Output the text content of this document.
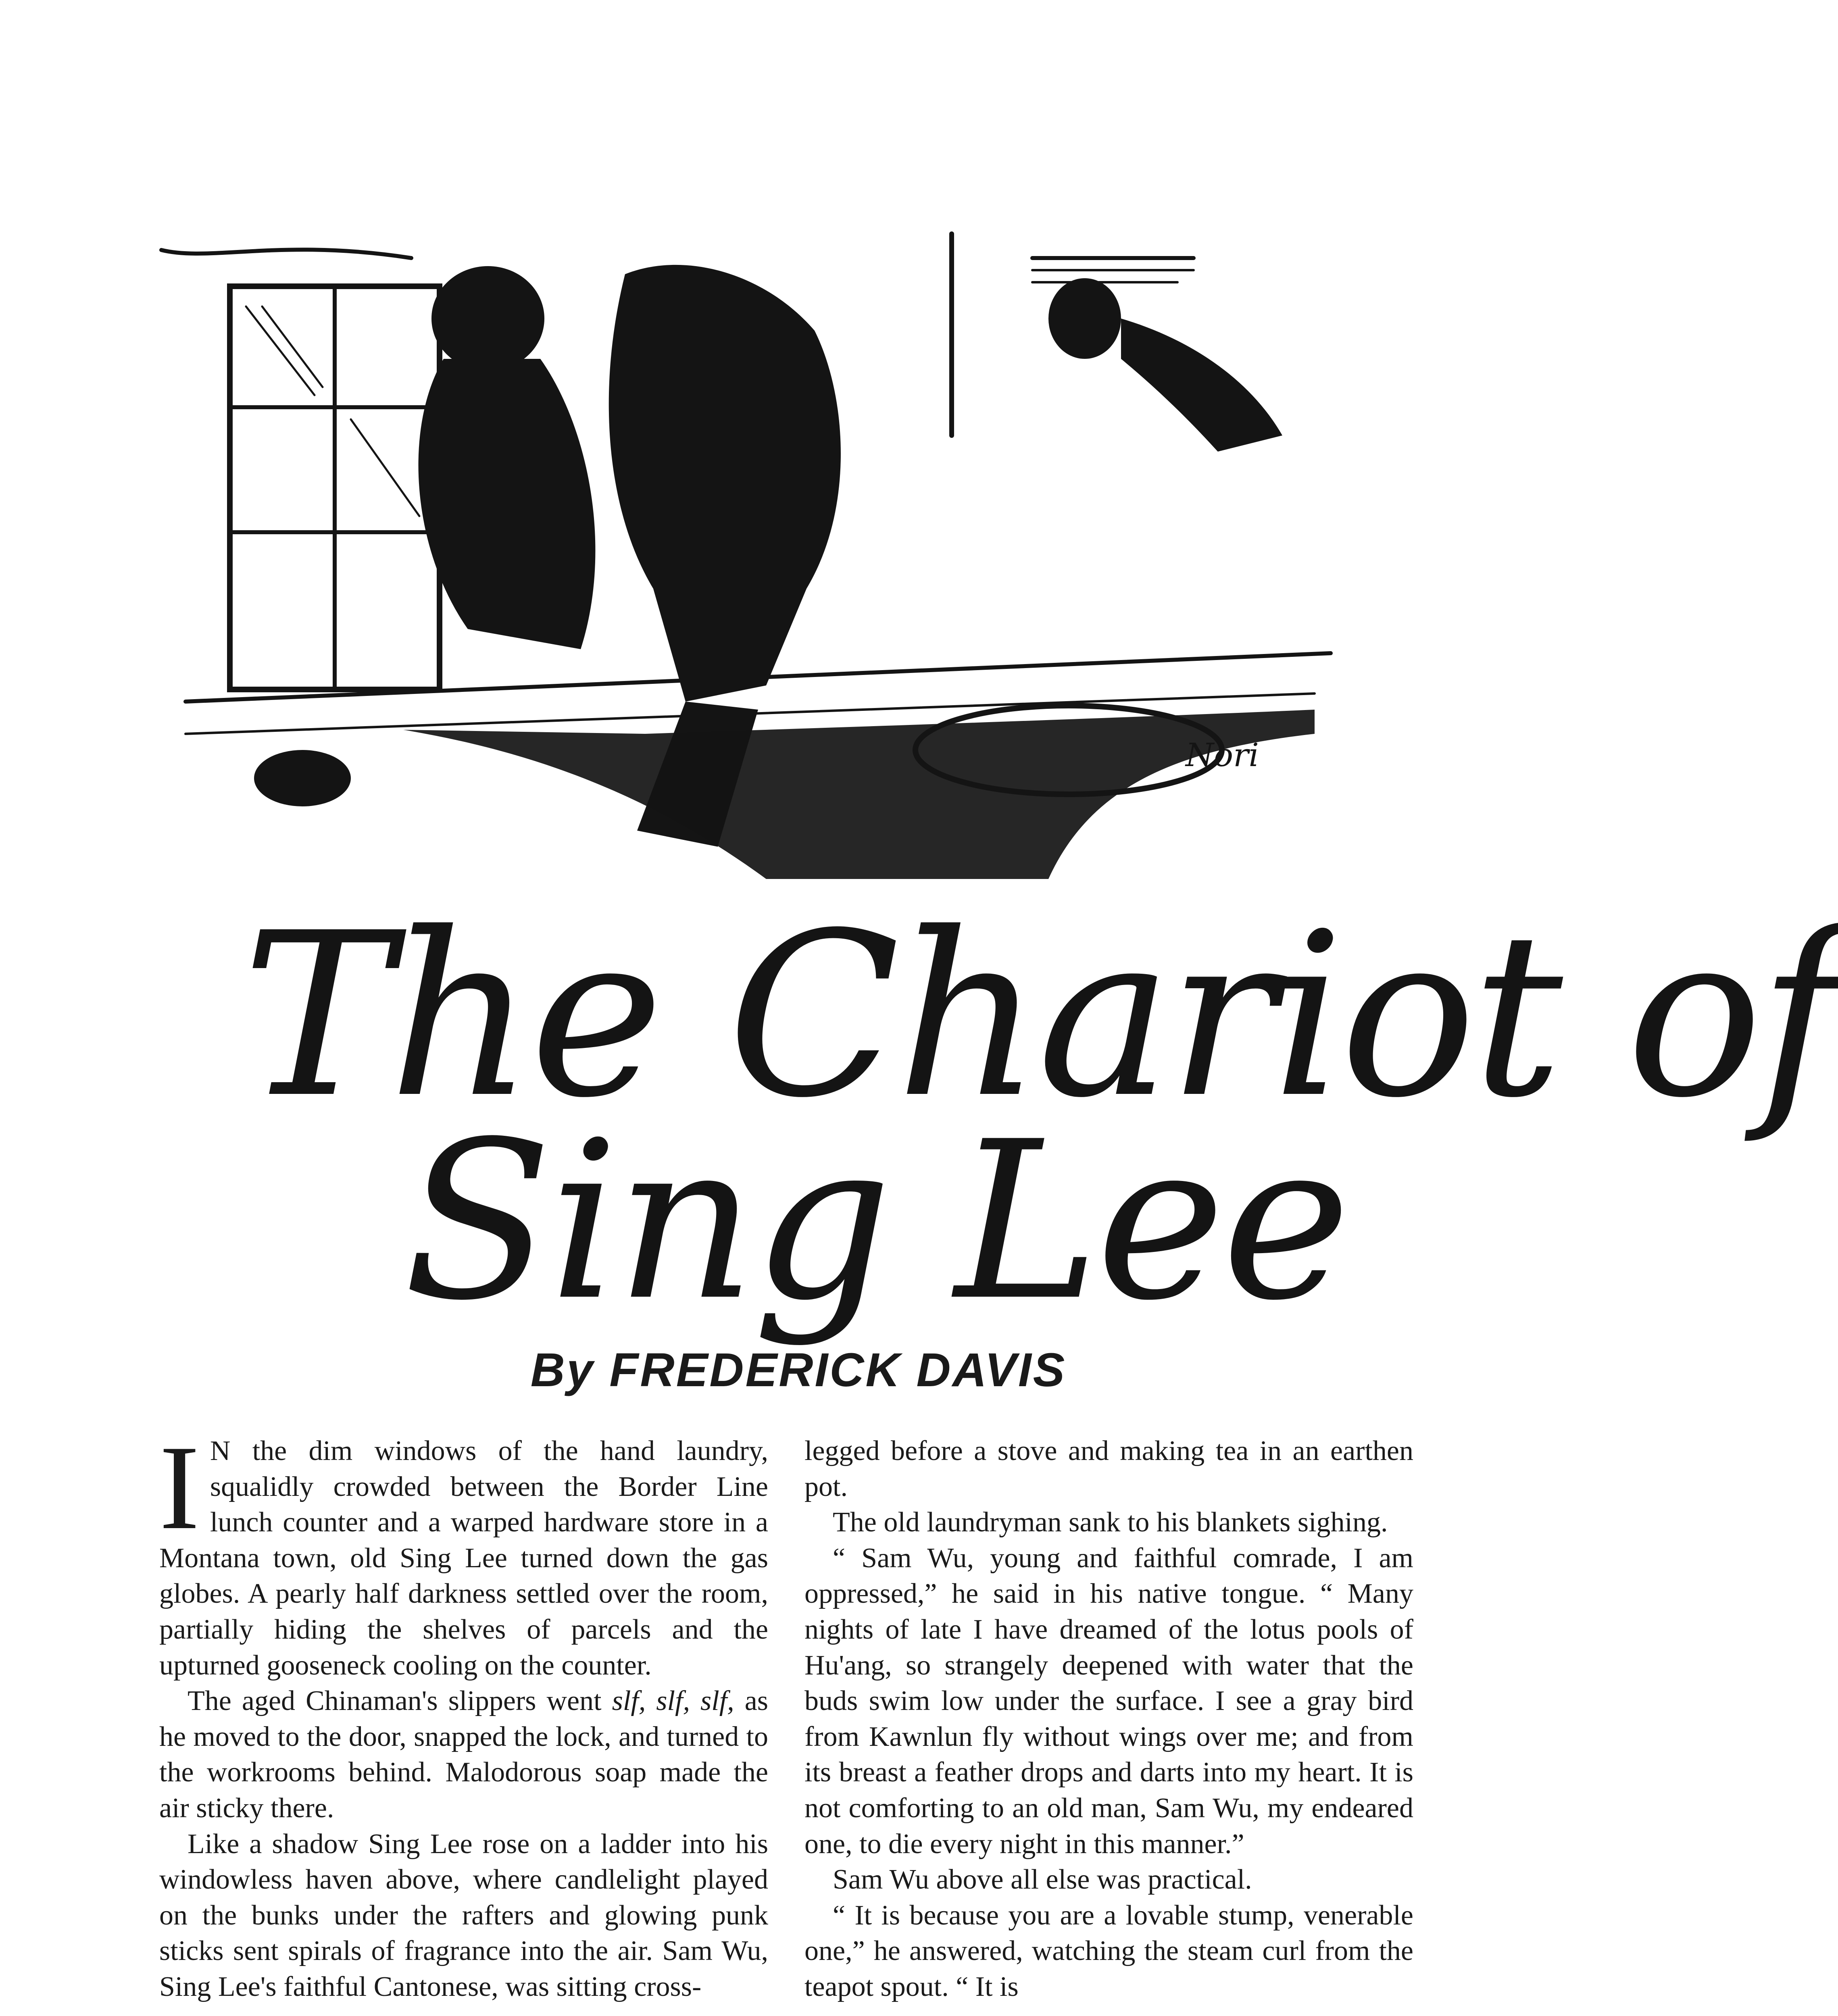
Nori
The Chariot of
Sing Lee
By FREDERICK DAVIS

I N the dim windows of the hand laundry, squalidly crowded between the Border Line lunch counter and a warped hardware store in a Montana town, old Sing Lee turned down the gas globes. A pearly half darkness settled over the room, partially hiding the shelves of parcels and the upturned gooseneck cooling on the counter.

The aged Chinaman's slippers went slf, slf, slf, as he moved to the door, snapped the lock, and turned to the workrooms behind. Malodorous soap made the air sticky there.

Like a shadow Sing Lee rose on a ladder into his windowless haven above, where candlelight played on the bunks under the rafters and glowing punk sticks sent spirals of fragrance into the air. Sam Wu, Sing Lee's faithful Cantonese, was sitting cross-

legged before a stove and making tea in an earthen pot.

The old laundryman sank to his blankets sighing.

“ Sam Wu, young and faithful comrade, I am oppressed,” he said in his native tongue. “ Many nights of late I have dreamed of the lotus pools of Hu'ang, so strangely deepened with water that the buds swim low under the surface. I see a gray bird from Kawnlun fly without wings over me; and from its breast a feather drops and darts into my heart. It is not comforting to an old man, Sam Wu, my endeared one, to die every night in this manner.”

Sam Wu above all else was practical.

“ It is because you are a lovable stump, venerable one,” he answered, watching the steam curl from the teapot spout. “ It is
